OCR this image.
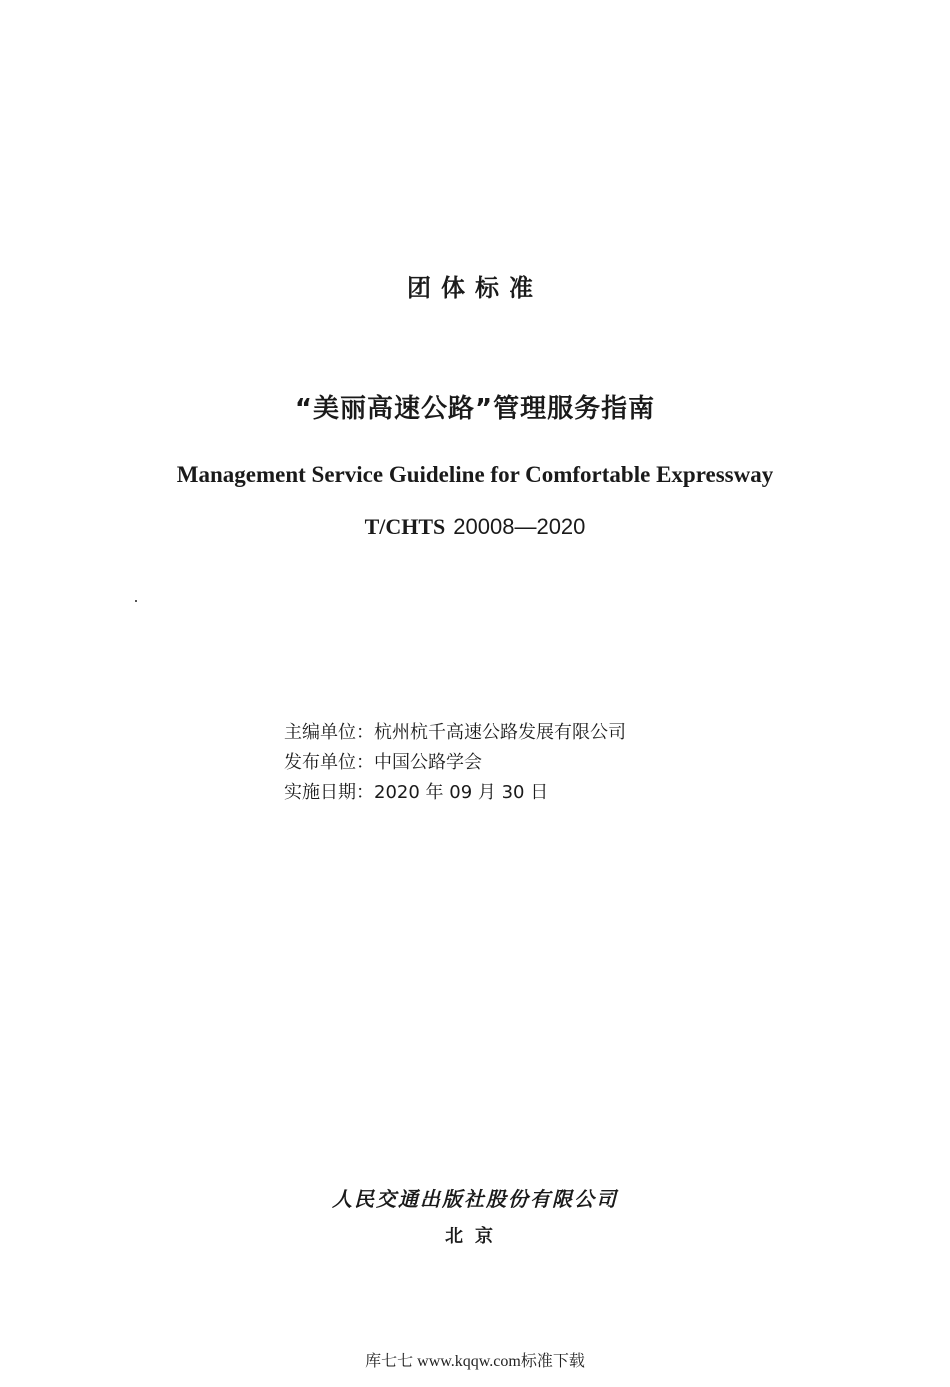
团体标准
“美丽高速公路”管理服务指南
Management Service Guideline for Comfortable Expressway
T/CHTS 20008—2020
主编单位：杭州杭千高速公路发展有限公司
发布单位：中国公路学会
实施日期：2020 年 09 月 30 日
人民交通出版社股份有限公司
北京
库七七 www.kqqw.com标准下载
